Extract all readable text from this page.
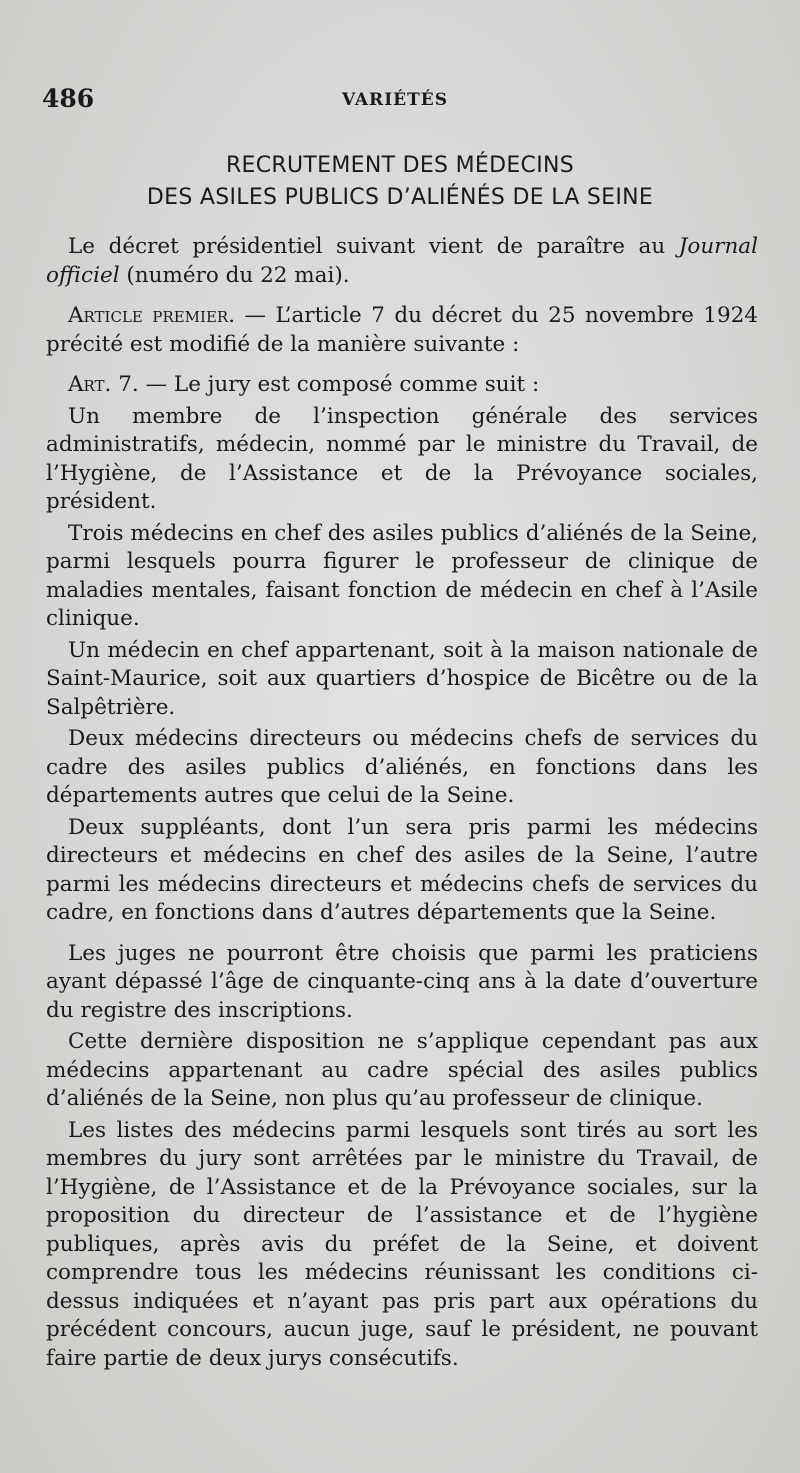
486	VARIÉTÉS
RECRUTEMENT DES MÉDECINS
DES ASILES PUBLICS D’ALIÉNÉS DE LA SEINE

Le décret présidentiel suivant vient de paraître au Journal officiel (numéro du 22 mai).

Article premier. — L’article 7 du décret du 25 novembre 1924 précité est modifié de la manière suivante :

Art. 7. — Le jury est composé comme suit :

Un membre de l’inspection générale des services administratifs, médecin, nommé par le ministre du Travail, de l’Hygiène, de l’Assistance et de la Prévoyance sociales, président.

Trois médecins en chef des asiles publics d’aliénés de la Seine, parmi lesquels pourra figurer le professeur de clinique de maladies mentales, faisant fonction de médecin en chef à l’Asile clinique.

Un médecin en chef appartenant, soit à la maison nationale de Saint-Maurice, soit aux quartiers d’hospice de Bicêtre ou de la Salpêtrière.

Deux médecins directeurs ou médecins chefs de services du cadre des asiles publics d’aliénés, en fonctions dans les départements autres que celui de la Seine.

Deux suppléants, dont l’un sera pris parmi les médecins directeurs et médecins en chef des asiles de la Seine, l’autre parmi les médecins directeurs et médecins chefs de services du cadre, en fonctions dans d’autres départements que la Seine.

Les juges ne pourront être choisis que parmi les praticiens ayant dépassé l’âge de cinquante-cinq ans à la date d’ouverture du registre des inscriptions.

Cette dernière disposition ne s’applique cependant pas aux médecins appartenant au cadre spécial des asiles publics d’aliénés de la Seine, non plus qu’au professeur de clinique.

Les listes des médecins parmi lesquels sont tirés au sort les membres du jury sont arrêtées par le ministre du Travail, de l’Hygiène, de l’Assistance et de la Prévoyance sociales, sur la proposition du directeur de l’assistance et de l’hygiène publiques, après avis du préfet de la Seine, et doivent comprendre tous les médecins réunissant les conditions ci-dessus indiquées et n’ayant pas pris part aux opérations du précédent concours, aucun juge, sauf le président, ne pouvant faire partie de deux jurys consécutifs.
